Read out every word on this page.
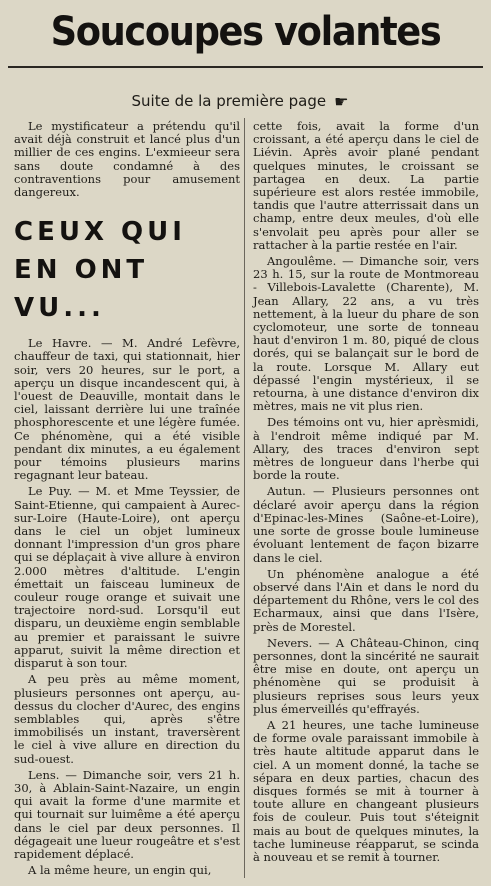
Soucoupes volantes
Suite de la première page ☛

Le mystificateur a prétendu qu'il avait déjà construit et lancé plus d'un millier de ces engins. L'exmieeur sera sans doute condamné à des contraventions pour amusement dangereux.

CEUX QUI
EN ONT VU...

Le Havre. — M. André Lefèvre, chauffeur de taxi, qui stationnait, hier soir, vers 20 heures, sur le port, a aperçu un disque incandescent qui, à l'ouest de Deauville, montait dans le ciel, laissant derrière lui une traînée phosphorescente et une légère fumée. Ce phénomène, qui a été visible pendant dix minutes, a eu également pour témoins plusieurs marins regagnant leur bateau.

Le Puy. — M. et Mme Teyssier, de Saint-Etienne, qui campaient à Aurec-sur-Loire (Haute-Loire), ont aperçu dans le ciel un objet lumineux donnant l'impression d'un gros phare qui se déplaçait à vive allure à environ 2.000 mètres d'altitude. L'engin émettait un faisceau lumineux de couleur rouge orange et suivait une trajectoire nord-sud. Lorsqu'il eut disparu, un deuxième engin semblable au premier et paraissant le suivre apparut, suivit la même direction et disparut à son tour.

A peu près au même moment, plusieurs personnes ont aperçu, au-dessus du clocher d'Aurec, des engins semblables qui, après s'être immobilisés un instant, traversèrent le ciel à vive allure en direction du sud-ouest.

Lens. — Dimanche soir, vers 21 h. 30, à Ablain-Saint-Nazaire, un engin qui avait la forme d'une marmite et qui tournait sur luimême a été aperçu dans le ciel par deux personnes. Il dégageait une lueur rougeâtre et s'est rapidement déplacé.

A la même heure, un engin qui,

cette fois, avait la forme d'un croissant, a été aperçu dans le ciel de Liévin. Après avoir plané pendant quelques minutes, le croissant se partagea en deux. La partie supérieure est alors restée immobile, tandis que l'autre atterrissait dans un champ, entre deux meules, d'où elle s'envolait peu après pour aller se rattacher à la partie restée en l'air.

Angoulême. — Dimanche soir, vers 23 h. 15, sur la route de Montmoreau - Villebois-Lavalette (Charente), M. Jean Allary, 22 ans, a vu très nettement, à la lueur du phare de son cyclomoteur, une sorte de tonneau haut d'environ 1 m. 80, piqué de clous dorés, qui se balançait sur le bord de la route. Lorsque M. Allary eut dépassé l'engin mystérieux, il se retourna, à une distance d'environ dix mètres, mais ne vit plus rien.

Des témoins ont vu, hier aprèsmidi, à l'endroit même indiqué par M. Allary, des traces d'environ sept mètres de longueur dans l'herbe qui borde la route.

Autun. — Plusieurs personnes ont déclaré avoir aperçu dans la région d'Epinac-les-Mines (Saône-et-Loire), une sorte de grosse boule lumineuse évoluant lentement de façon bizarre dans le ciel.

Un phénomène analogue a été observé dans l'Ain et dans le nord du département du Rhône, vers le col des Echarmaux, ainsi que dans l'Isère, près de Morestel.

Nevers. — A Château-Chinon, cinq personnes, dont la sincérité ne saurait être mise en doute, ont aperçu un phénomène qui se produisit à plusieurs reprises sous leurs yeux plus émerveillés qu'effrayés.

A 21 heures, une tache lumineuse de forme ovale paraissant immobile à très haute altitude apparut dans le ciel. A un moment donné, la tache se sépara en deux parties, chacun des disques formés se mit à tourner à toute allure en changeant plusieurs fois de couleur. Puis tout s'éteignit mais au bout de quelques minutes, la tache lumineuse réapparut, se scinda à nouveau et se remit à tourner.
